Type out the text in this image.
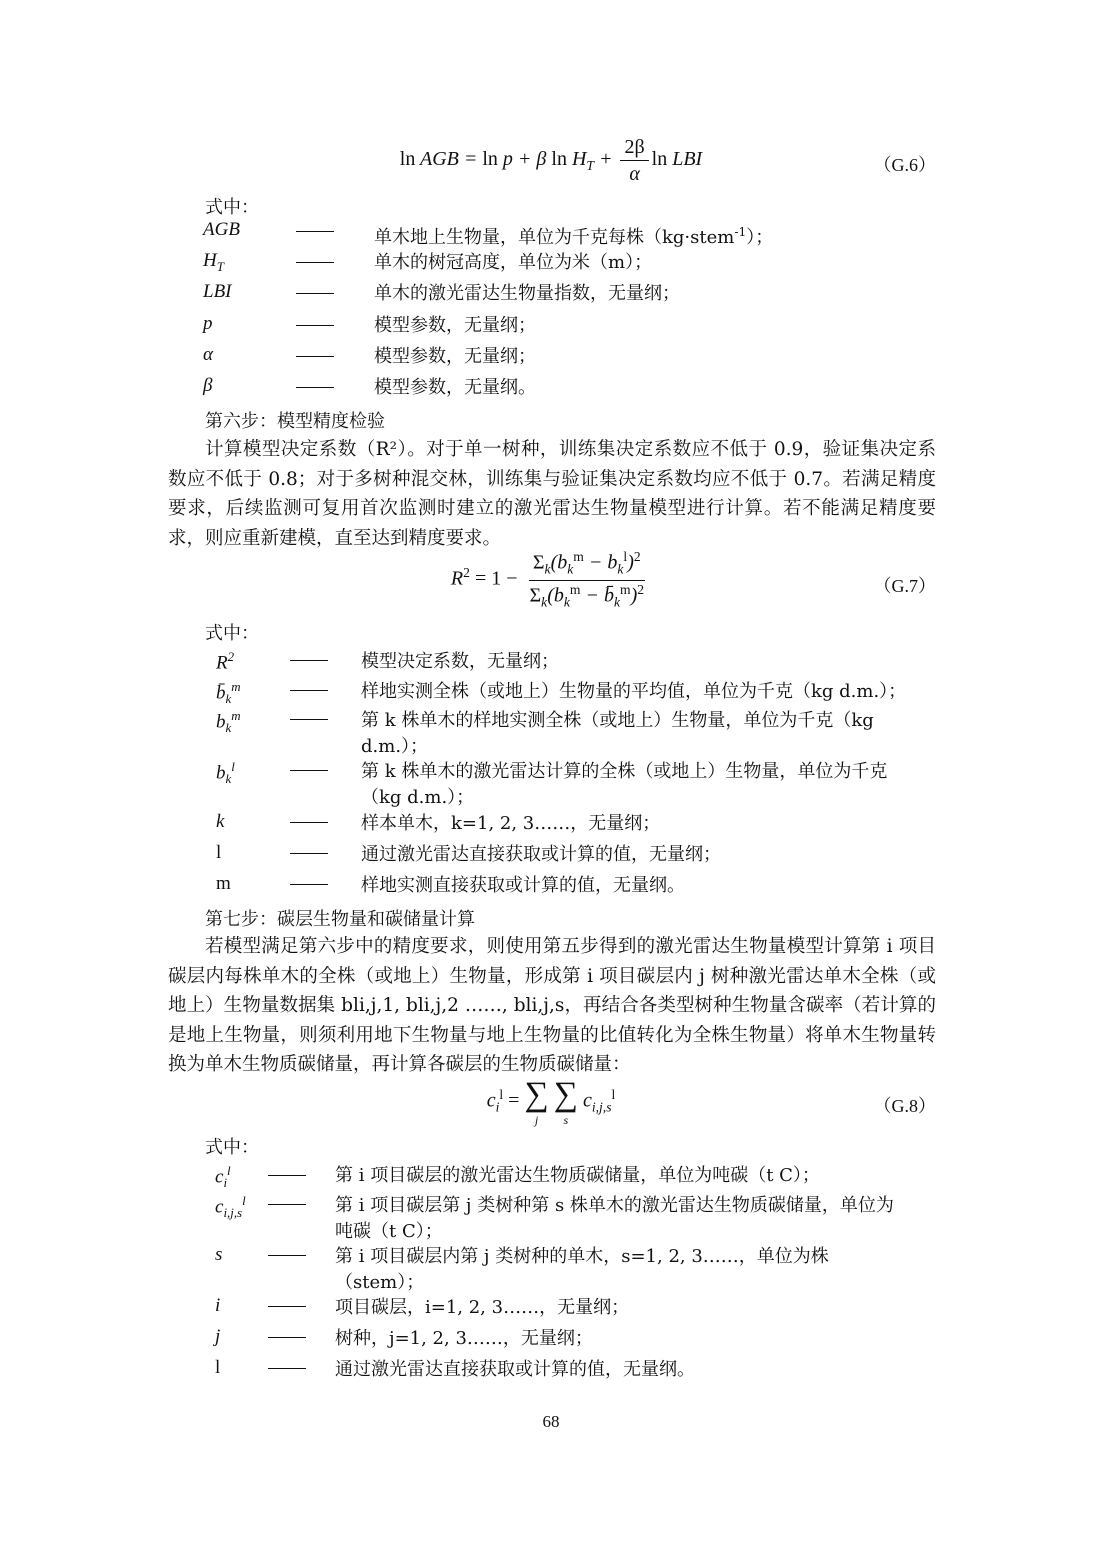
ln AGB = ln p + β $\ln H_T + \frac{2\beta}{\alpha}$ ln LBI	（G.6）
式中：
AGB	单木地上生物量，单位为千克每株（kg·stem$^{-1}$）；
$H_T$	单木的树冠高度，单位为米（m）；
LBI	单木的激光雷达生物量指数，无量纲；
p	模型参数，无量纲；
α	模型参数，无量纲；
β	模型参数，无量纲。
第六步：模型精度检验
计算模型决定系数（R²）。对于单一树种，训练集决定系数应不低于 0.9，验证集决定系数应不低于 0.8；对于多树种混交林，训练集与验证集决定系数均应不低于 0.7。若满足精度要求，后续监测可复用首次监测时建立的激光雷达生物量模型进行计算。若不能满足精度要求，则应重新建模，直至达到精度要求。
$R^2 = 1 - \frac{\Sigma_k(b_k^m - b_k^l)^2}{\Sigma_k(b_k^m - b̄_k^m)^2}$	（G.7）
式中：
$R^2$	模型决定系数，无量纲；
$b̄_k^m$	样地实测全株（或地上）生物量的平均值，单位为千克（kg d.m.）；
$b_k^m$	第 k 株单木的样地实测全株（或地上）生物量，单位为千克（kg
d.m.）；
$b_k^l$	第 k 株单木的激光雷达计算的全株（或地上）生物量，单位为千克
（kg d.m.）；
k	样本单木，k=1, 2, 3……，无量纲；
l	通过激光雷达直接获取或计算的值，无量纲；
m	样地实测直接获取或计算的值，无量纲。
第七步：碳层生物量和碳储量计算
若模型满足第六步中的精度要求，则使用第五步得到的激光雷达生物量模型计算第 i 项目碳层内每株单木的全株（或地上）生物量，形成第 i 项目碳层内 j 树种激光雷达单木全株（或地上）生物量数据集 bli,j,1, bli,j,2 ……, bli,j,s，再结合各类型树种生物量含碳率（若计算的是地上生物量，则须利用地下生物量与地上生物量的比值转化为全株生物量）将单木生物量转换为单木生物质碳储量，再计算各碳层的生物质碳储量：
$c_i^l$ = ∑
j

∑
s
$c_{i,j,s}^l$
（G.8）
式中：
$c_i^l$	第 i 项目碳层的激光雷达生物质碳储量，单位为吨碳（t C）；
$c_{i,j,s}^l$	第 i 项目碳层第 j 类树种第 s 株单木的激光雷达生物质碳储量，单位为
吨碳（t C）；
s	第 i 项目碳层内第 j 类树种的单木，s=1, 2, 3……，单位为株
（stem）；
i	项目碳层，i=1, 2, 3……，无量纲；
j	树种，j=1, 2, 3……，无量纲；
l	通过激光雷达直接获取或计算的值，无量纲。
68
